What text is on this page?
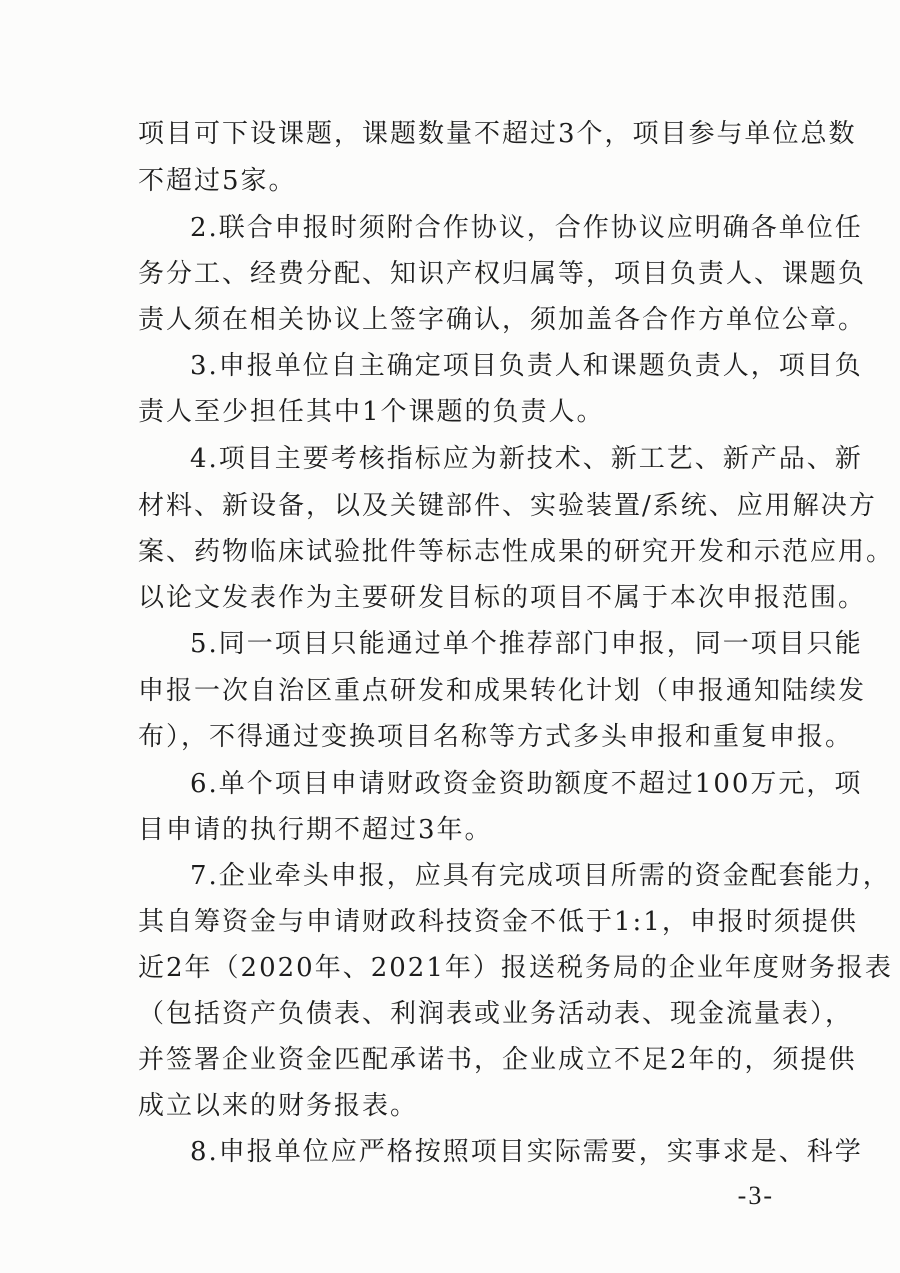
项目可下设课题，课题数量不超过3个，项目参与单位总数
不超过5家。
2.联合申报时须附合作协议，合作协议应明确各单位任
务分工、经费分配、知识产权归属等，项目负责人、课题负
责人须在相关协议上签字确认，须加盖各合作方单位公章。
3.申报单位自主确定项目负责人和课题负责人，项目负
责人至少担任其中1个课题的负责人。
4.项目主要考核指标应为新技术、新工艺、新产品、新
材料、新设备，以及关键部件、实验装置/系统、应用解决方
案、药物临床试验批件等标志性成果的研究开发和示范应用。
以论文发表作为主要研发目标的项目不属于本次申报范围。
5.同一项目只能通过单个推荐部门申报，同一项目只能
申报一次自治区重点研发和成果转化计划（申报通知陆续发
布），不得通过变换项目名称等方式多头申报和重复申报。
6.单个项目申请财政资金资助额度不超过100万元，项
目申请的执行期不超过3年。
7.企业牵头申报，应具有完成项目所需的资金配套能力，
其自筹资金与申请财政科技资金不低于1:1，申报时须提供
近2年（2020年、2021年）报送税务局的企业年度财务报表
（包括资产负债表、利润表或业务活动表、现金流量表），
并签署企业资金匹配承诺书，企业成立不足2年的，须提供
成立以来的财务报表。
8.申报单位应严格按照项目实际需要，实事求是、科学
-3-
